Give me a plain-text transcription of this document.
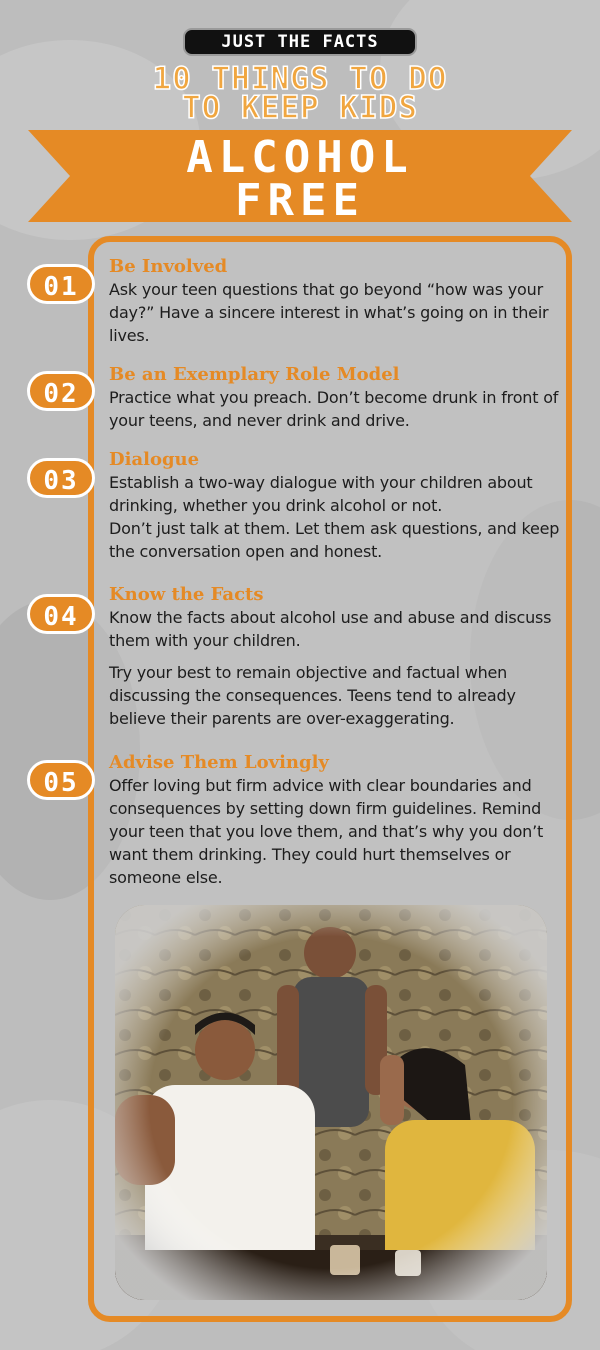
JUST THE FACTS
10 THINGS TO DO
TO KEEP KIDS
ALCOHOL
FREE
01
Be Involved

Ask your teen questions that go beyond “how was your day?” Have a sincere interest in what’s going on in their lives.

02
Be an Exemplary Role Model

Practice what you preach. Don’t become drunk in front of your teens, and never drink and drive.

03
Dialogue

Establish a two-way dialogue with your children about drinking, whether you drink alcohol or not.

Don’t just talk at them. Let them ask questions, and keep the conversation open and honest.

04
Know the Facts

Know the facts about alcohol use and abuse and discuss them with your children.

Try your best to remain objective and factual when discussing the consequences. Teens tend to already believe their parents are over-exaggerating.

05
Advise Them Lovingly

Offer loving but firm advice with clear boundaries and consequences by setting down firm guidelines. Remind your teen that you love them, and that’s why you don’t want them drinking. They could hurt themselves or someone else.
